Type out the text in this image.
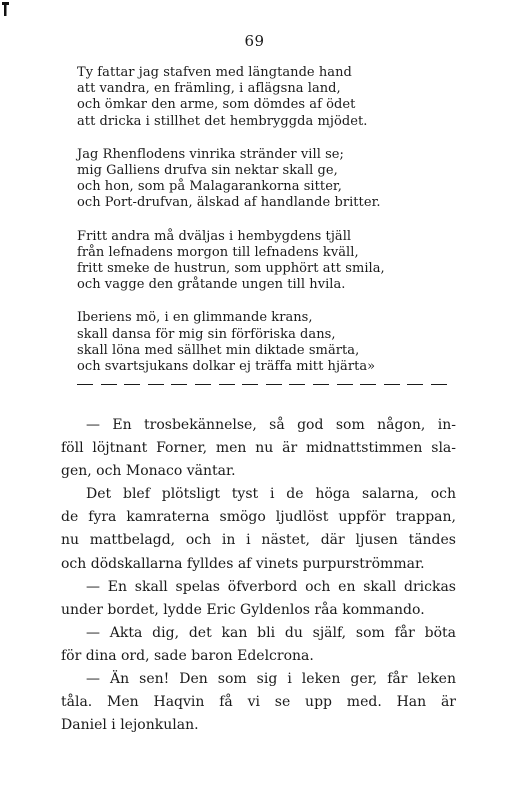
69
Ty fattar jag stafven med längtande hand
att vandra, en främling, i aflägsna land,
och ömkar den arme, som dömdes af ödet
att dricka i stillhet det hembryggda mjödet.
Jag Rhenflodens vinrika stränder vill se;
mig Galliens drufva sin nektar skall ge,
och hon, som på Malagarankorna sitter,
och Port-drufvan, älskad af handlande britter.
Fritt andra må dväljas i hembygdens tjäll
från lefnadens morgon till lefnadens kväll,
fritt smeke de hustrun, som upphört att smila,
och vagge den gråtande ungen till hvila.
Iberiens mö, i en glimmande krans,
skall dansa för mig sin förföriska dans,
skall löna med sällhet min diktade smärta,
och svartsjukans dolkar ej träffa mitt hjärta»
— En trosbekännelse, så god som någon, in-
föll löjtnant Forner, men nu är midnattstimmen sla-
gen, och Monaco väntar.
Det blef plötsligt tyst i de höga salarna, och
de fyra kamraterna smögo ljudlöst uppför trappan,
nu mattbelagd, och in i nästet, där ljusen tändes
och dödskallarna fylldes af vinets purpurströmmar.
— En skall spelas öfverbord och en skall drickas
under bordet, lydde Eric Gyldenlos råa kommando.
— Akta dig, det kan bli du själf, som får böta
för dina ord, sade baron Edelcrona.
— Än sen! Den som sig i leken ger, får leken
tåla. Men Haqvin få vi se upp med. Han är
Daniel i lejonkulan.
